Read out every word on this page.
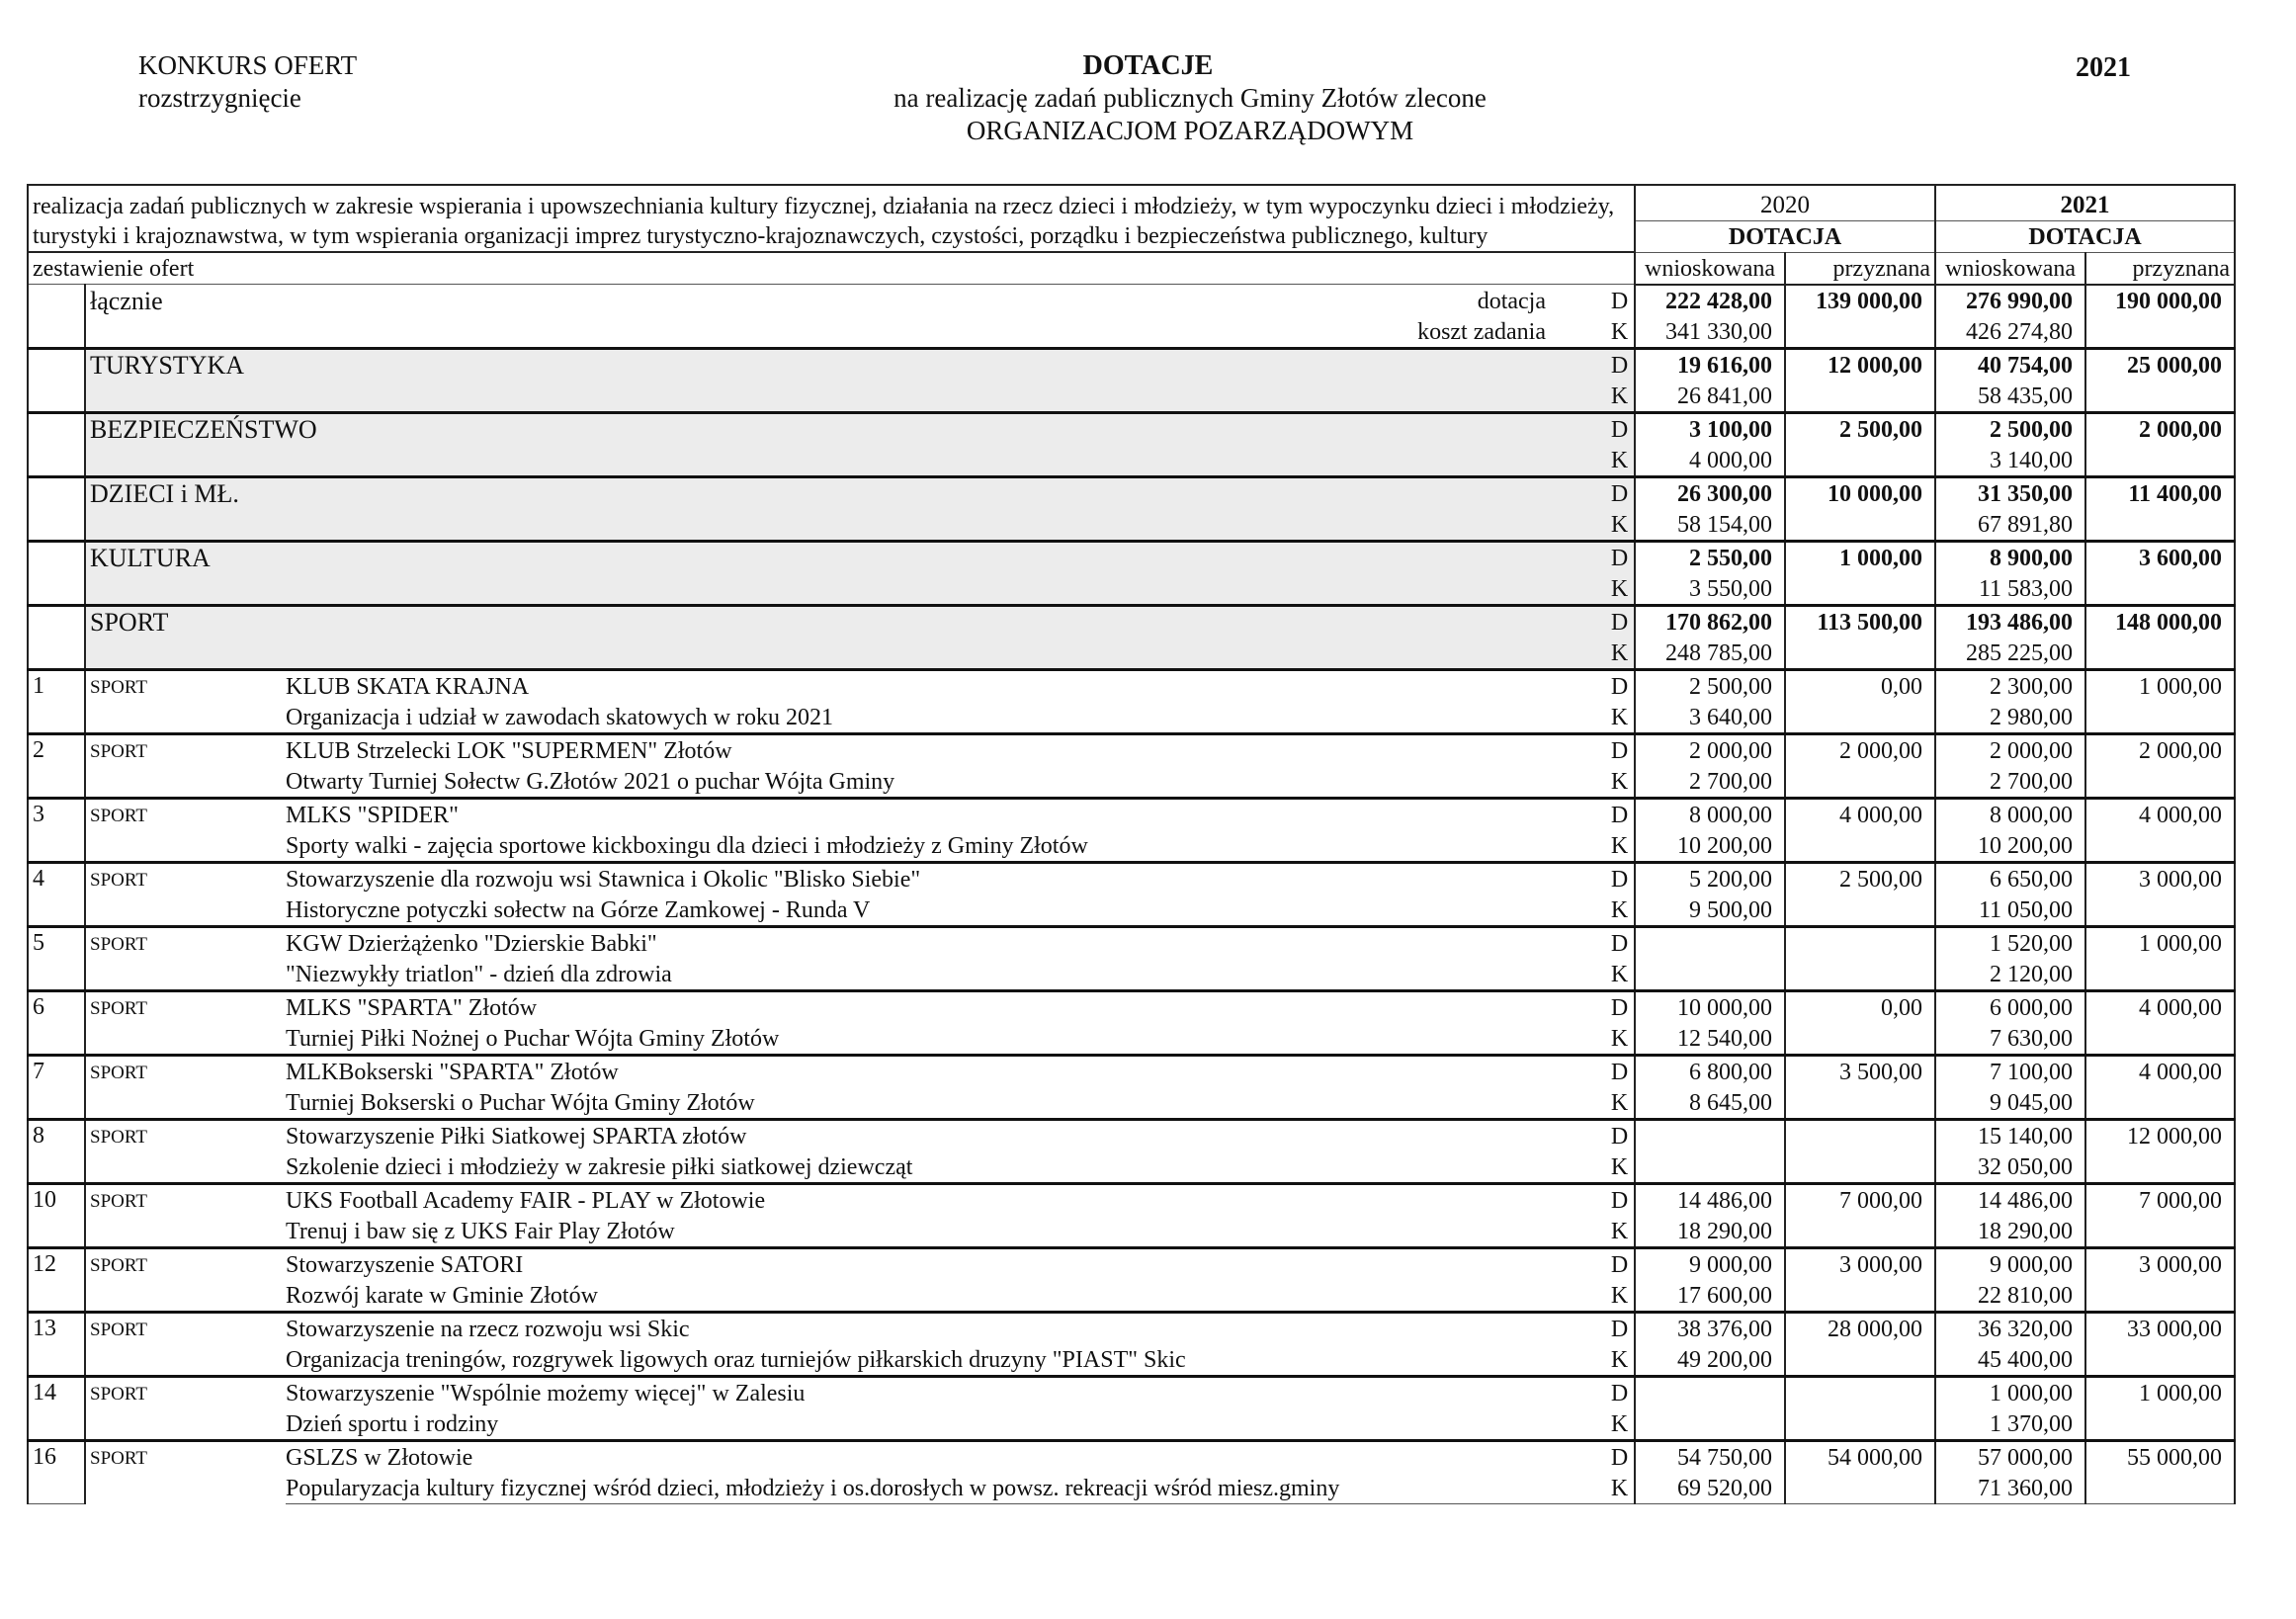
KONKURS OFERT
rozstrzygnięcie
DOTACJE
na realizację zadań publicznych Gminy Złotów zlecone
ORGANIZACJOM POZARZĄDOWYM
2021
realizacja zadań publicznych w zakresie wspierania i upowszechniania kultury fizycznej, działania na rzecz dzieci i młodzieży, w tym wypoczynku dzieci i młodzieży, turystyki i krajoznawstwa, w tym wspierania organizacji imprez turystyczno-krajoznawczych, czystości, porządku i bezpieczeństwa publicznego, kultury				2020		2021	

				DOTACJA		DOTACJA	
zestawienie ofert				wnioskowana	przyznana	wnioskowana	przyznana
	łącznie	dotacja	D	222 428,00	139 000,00	276 990,00	190 000,00
		koszt zadania	K	341 330,00		426 274,80	
	TURYSTYKA		D	19 616,00	12 000,00	40 754,00	25 000,00
			K	26 841,00		58 435,00	
	BEZPIECZEŃSTWO		D	3 100,00	2 500,00	2 500,00	2 000,00
			K	4 000,00		3 140,00	
	DZIECI i MŁ.		D	26 300,00	10 000,00	31 350,00	11 400,00
			K	58 154,00		67 891,80	
	KULTURA		D	2 550,00	1 000,00	8 900,00	3 600,00
			K	3 550,00		11 583,00	
	SPORT		D	170 862,00	113 500,00	193 486,00	148 000,00
			K	248 785,00		285 225,00	
1	SPORT	KLUB SKATA KRAJNA	D	2 500,00	0,00	2 300,00	1 000,00
		Organizacja i udział w zawodach skatowych w roku 2021	K	3 640,00		2 980,00	
2	SPORT	KLUB Strzelecki LOK "SUPERMEN" Złotów	D	2 000,00	2 000,00	2 000,00	2 000,00
		Otwarty Turniej Sołectw G.Złotów 2021 o puchar Wójta Gminy	K	2 700,00		2 700,00	
3	SPORT	MLKS "SPIDER"	D	8 000,00	4 000,00	8 000,00	4 000,00
		Sporty walki - zajęcia sportowe kickboxingu dla dzieci i młodzieży z Gminy Złotów	K	10 200,00		10 200,00	
4	SPORT	Stowarzyszenie dla rozwoju wsi Stawnica i Okolic "Blisko Siebie"	D	5 200,00	2 500,00	6 650,00	3 000,00
		Historyczne potyczki sołectw na Górze Zamkowej - Runda V	K	9 500,00		11 050,00	
5	SPORT	KGW Dzierżążenko "Dzierskie Babki"	D			1 520,00	1 000,00
		"Niezwykły triatlon" - dzień dla zdrowia	K			2 120,00	
6	SPORT	MLKS "SPARTA" Złotów	D	10 000,00	0,00	6 000,00	4 000,00
		Turniej Piłki Nożnej o Puchar Wójta Gminy Złotów	K	12 540,00		7 630,00	
7	SPORT	MLKBokserski "SPARTA" Złotów	D	6 800,00	3 500,00	7 100,00	4 000,00
		Turniej Bokserski o Puchar Wójta Gminy Złotów	K	8 645,00		9 045,00	
8	SPORT	Stowarzyszenie Piłki Siatkowej SPARTA złotów	D			15 140,00	12 000,00
		Szkolenie dzieci i młodzieży w zakresie piłki siatkowej dziewcząt	K			32 050,00	
10	SPORT	UKS Football Academy FAIR - PLAY w Złotowie	D	14 486,00	7 000,00	14 486,00	7 000,00
		Trenuj i baw się z UKS Fair Play Złotów	K	18 290,00		18 290,00	
12	SPORT	Stowarzyszenie SATORI	D	9 000,00	3 000,00	9 000,00	3 000,00
		Rozwój karate w Gminie Złotów	K	17 600,00		22 810,00	
13	SPORT	Stowarzyszenie na rzecz rozwoju wsi Skic	D	38 376,00	28 000,00	36 320,00	33 000,00
		Organizacja treningów, rozgrywek ligowych oraz turniejów piłkarskich druzyny "PIAST" Skic	K	49 200,00		45 400,00	
14	SPORT	Stowarzyszenie "Wspólnie możemy więcej" w Zalesiu	D			1 000,00	1 000,00
		Dzień sportu i rodziny	K			1 370,00	
16	SPORT	GSLZS w Złotowie	D	54 750,00	54 000,00	57 000,00	55 000,00
		Popularyzacja kultury fizycznej wśród dzieci, młodzieży i os.dorosłych w powsz. rekreacji wśród miesz.gminy	K	69 520,00		71 360,00	
